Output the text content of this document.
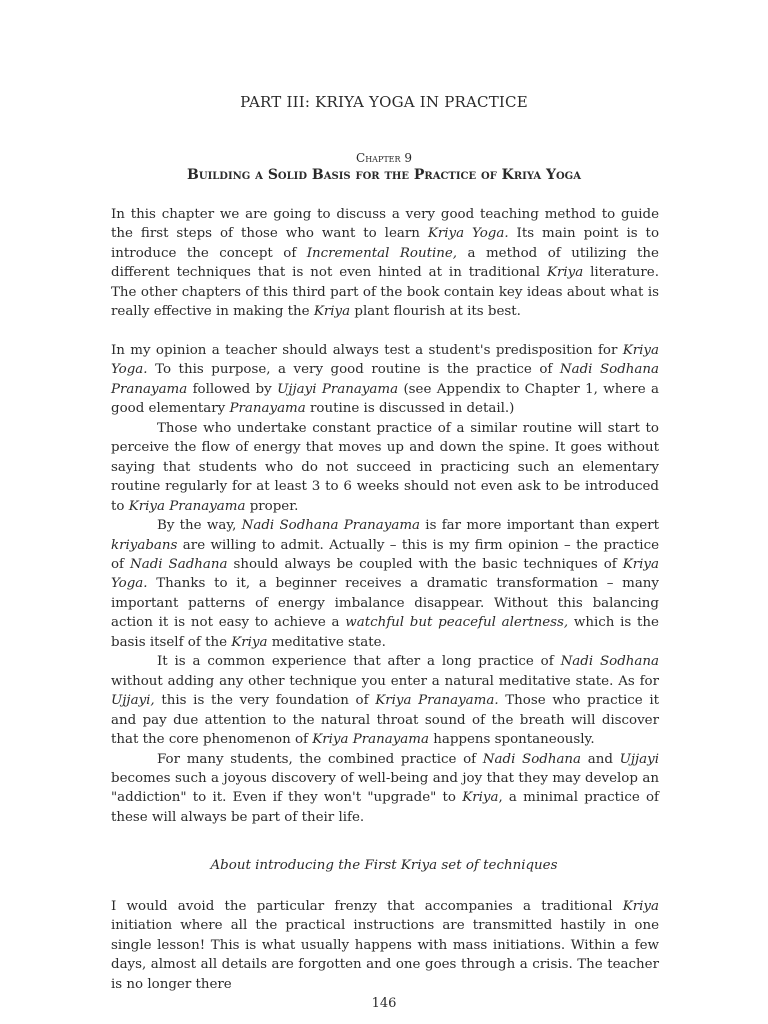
PART III: KRIYA YOGA IN PRACTICE
Chapter 9
Building a Solid Basis for the Practice of Kriya Yoga

In this chapter we are going to discuss a very good teaching method to guide the first steps of those who want to learn Kriya Yoga. Its main point is to introduce the concept of Incremental Routine, a method of utilizing the different techniques that is not even hinted at in traditional Kriya literature. The other chapters of this third part of the book contain key ideas about what is really effective in making the Kriya plant flourish at its best.

In my opinion a teacher should always test a student's predisposition for Kriya Yoga. To this purpose, a very good routine is the practice of Nadi Sodhana Pranayama followed by Ujjayi Pranayama (see Appendix to Chapter 1, where a good elementary Pranayama routine is discussed in detail.)

Those who undertake constant practice of a similar routine will start to perceive the flow of energy that moves up and down the spine. It goes without saying that students who do not succeed in practicing such an elementary routine regularly for at least 3 to 6 weeks should not even ask to be introduced to Kriya Pranayama proper.

By the way, Nadi Sodhana Pranayama is far more important than expert kriyabans are willing to admit. Actually – this is my firm opinion – the practice of Nadi Sadhana should always be coupled with the basic techniques of Kriya Yoga. Thanks to it, a beginner receives a dramatic transformation – many important patterns of energy imbalance disappear. Without this balancing action it is not easy to achieve a watchful but peaceful alertness, which is the basis itself of the Kriya meditative state.

It is a common experience that after a long practice of Nadi Sodhana without adding any other technique you enter a natural meditative state. As for Ujjayi, this is the very foundation of Kriya Pranayama. Those who practice it and pay due attention to the natural throat sound of the breath will discover that the core phenomenon of Kriya Pranayama happens spontaneously.

For many students, the combined practice of Nadi Sodhana and Ujjayi becomes such a joyous discovery of well-being and joy that they may develop an "addiction" to it. Even if they won't "upgrade" to Kriya, a minimal practice of these will always be part of their life.

About introducing the First Kriya set of techniques

I would avoid the particular frenzy that accompanies a traditional Kriya initiation where all the practical instructions are transmitted hastily in one single lesson! This is what usually happens with mass initiations. Within a few days, almost all details are forgotten and one goes through a crisis. The teacher is no longer there

146
